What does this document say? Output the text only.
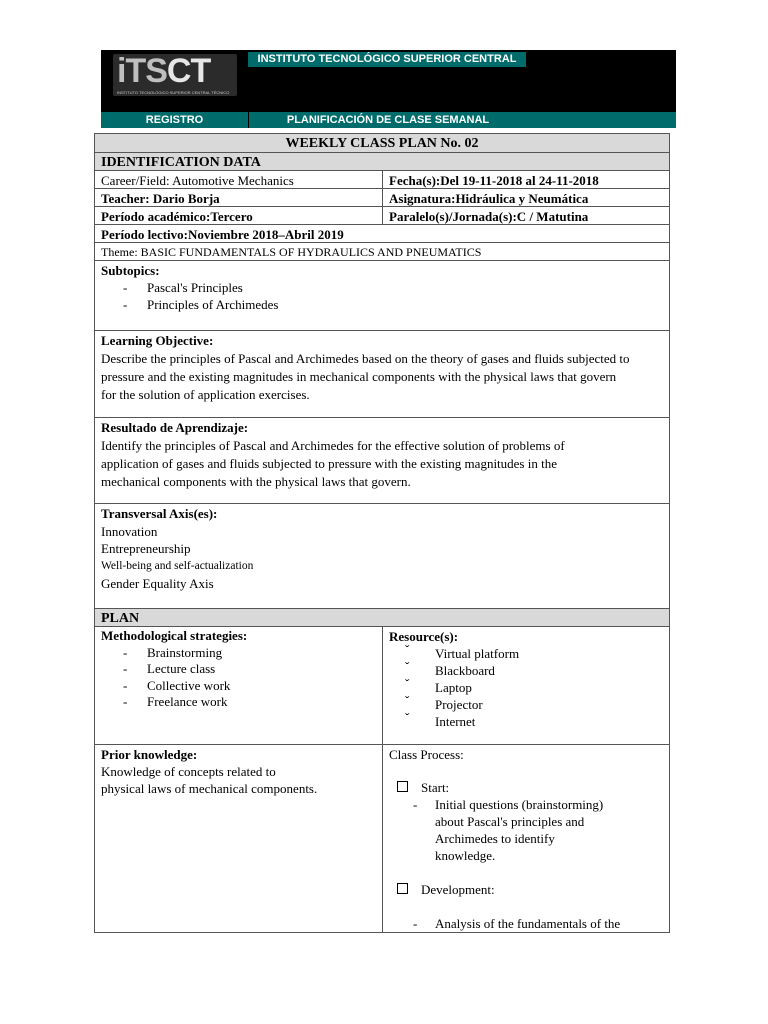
iTSCT
INSTITUTO TECNOLÓGICO SUPERIOR CENTRAL TÉCNICO
INSTITUTO TECNOLÓGICO SUPERIOR CENTRAL
REGISTRO	PLANIFICACIÓN DE CLASE SEMANAL
WEEKLY CLASS PLAN No. 02
IDENTIFICATION DATA
Career/Field: Automotive Mechanics	Fecha(s):Del 19-11-2018 al 24-11-2018
Teacher: Dario Borja	Asignatura:Hidráulica y Neumática
Período académico:Tercero	Paralelo(s)/Jornada(s):C / Matutina
Período lectivo:Noviembre 2018–Abril 2019
Theme: BASIC FUNDAMENTALS OF HYDRAULICS AND PNEUMATICS
Subtopics:
- Pascal's Principles
- Principles of Archimedes
Learning Objective:
Describe the principles of Pascal and Archimedes based on the theory of gases and fluids subjected to
pressure and the existing magnitudes in mechanical components with the physical laws that govern
for the solution of application exercises.
Resultado de Aprendizaje:
Identify the principles of Pascal and Archimedes for the effective solution of problems of
application of gases and fluids subjected to pressure with the existing magnitudes in the
mechanical components with the physical laws that govern.
Transversal Axis(es):
Innovation
Entrepreneurship
Well-being and self-actualization
Gender Equality Axis
PLAN
Methodological strategies:
- Brainstorming
- Lecture class
- Collective work
- Freelance work
Resource(s):
ˇ Virtual platform
ˇ Blackboard
ˇ Laptop
ˇ Projector
ˇ Internet
Prior knowledge:
Knowledge of concepts related to
physical laws of mechanical components.
Class Process:
Start:
- Initial questions (brainstorming)
about Pascal's principles and
Archimedes to identify
knowledge.
Development:
- Analysis of the fundamentals of the
